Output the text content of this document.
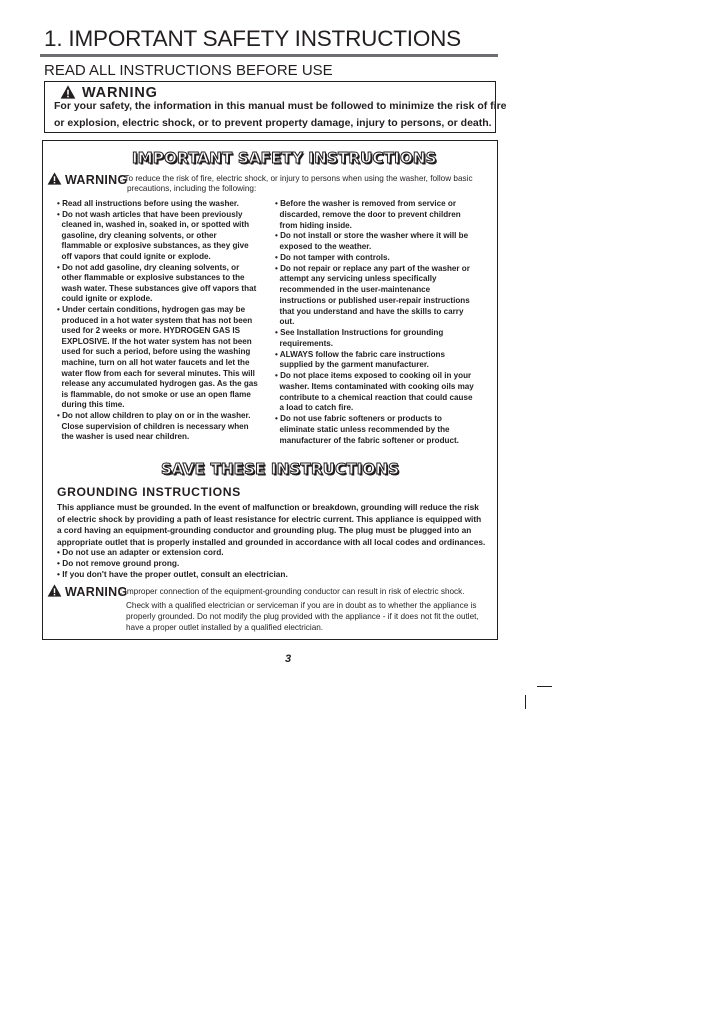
1. IMPORTANT SAFETY INSTRUCTIONS
READ ALL INSTRUCTIONS BEFORE USE
WARNING
For your safety, the information in this manual must be followed to minimize the risk of fire
or explosion, electric shock, or to prevent property damage, injury to persons, or death.
IMPORTANT SAFETY INSTRUCTIONS
WARNING
: To reduce the risk of fire, electric shock, or injury to persons when using the washer, follow basic
precautions, including the following:
• Read all instructions before using the washer.
• Do not wash articles that have been previously
cleaned in, washed in, soaked in, or spotted with
gasoline, dry cleaning solvents, or other
flammable or explosive substances, as they give
off vapors that could ignite or explode.
• Do not add gasoline, dry cleaning solvents, or
other flammable or explosive substances to the
wash water. These substances give off vapors that
could ignite or explode.
• Under certain conditions, hydrogen gas may be
produced in a hot water system that has not been
used for 2 weeks or more. HYDROGEN GAS IS
EXPLOSIVE. If the hot water system has not been
used for such a period, before using the washing
machine, turn on all hot water faucets and let the
water flow from each for several minutes. This will
release any accumulated hydrogen gas. As the gas
is flammable, do not smoke or use an open flame
during this time.
• Do not allow children to play on or in the washer.
Close supervision of children is necessary when
the washer is used near children.
• Before the washer is removed from service or
discarded, remove the door to prevent children
from hiding inside.
• Do not install or store the washer where it will be
exposed to the weather.
• Do not tamper with controls.
• Do not repair or replace any part of the washer or
attempt any servicing unless specifically
recommended in the user-maintenance
instructions or published user-repair instructions
that you understand and have the skills to carry
out.
• See Installation Instructions for grounding
requirements.
• ALWAYS follow the fabric care instructions
supplied by the garment manufacturer.
• Do not place items exposed to cooking oil in your
washer. Items contaminated with cooking oils may
contribute to a chemical reaction that could cause
a load to catch fire.
• Do not use fabric softeners or products to
eliminate static unless recommended by the
manufacturer of the fabric softener or product.
SAVE THESE INSTRUCTIONS
GROUNDING INSTRUCTIONS
This appliance must be grounded. In the event of malfunction or breakdown, grounding will reduce the risk
of electric shock by providing a path of least resistance for electric current. This appliance is equipped with
a cord having an equipment-grounding conductor and grounding plug. The plug must be plugged into an
appropriate outlet that is properly installed and grounded in accordance with all local codes and ordinances.
• Do not use an adapter or extension cord.
• Do not remove ground prong.
• If you don't have the proper outlet, consult an electrician.
WARNING
: Improper connection of the equipment-grounding conductor can result in risk of electric shock.
Check with a qualified electrician or serviceman if you are in doubt as to whether the appliance is
properly grounded. Do not modify the plug provided with the appliance - if it does not fit the outlet,
have a proper outlet installed by a qualified electrician.
3
